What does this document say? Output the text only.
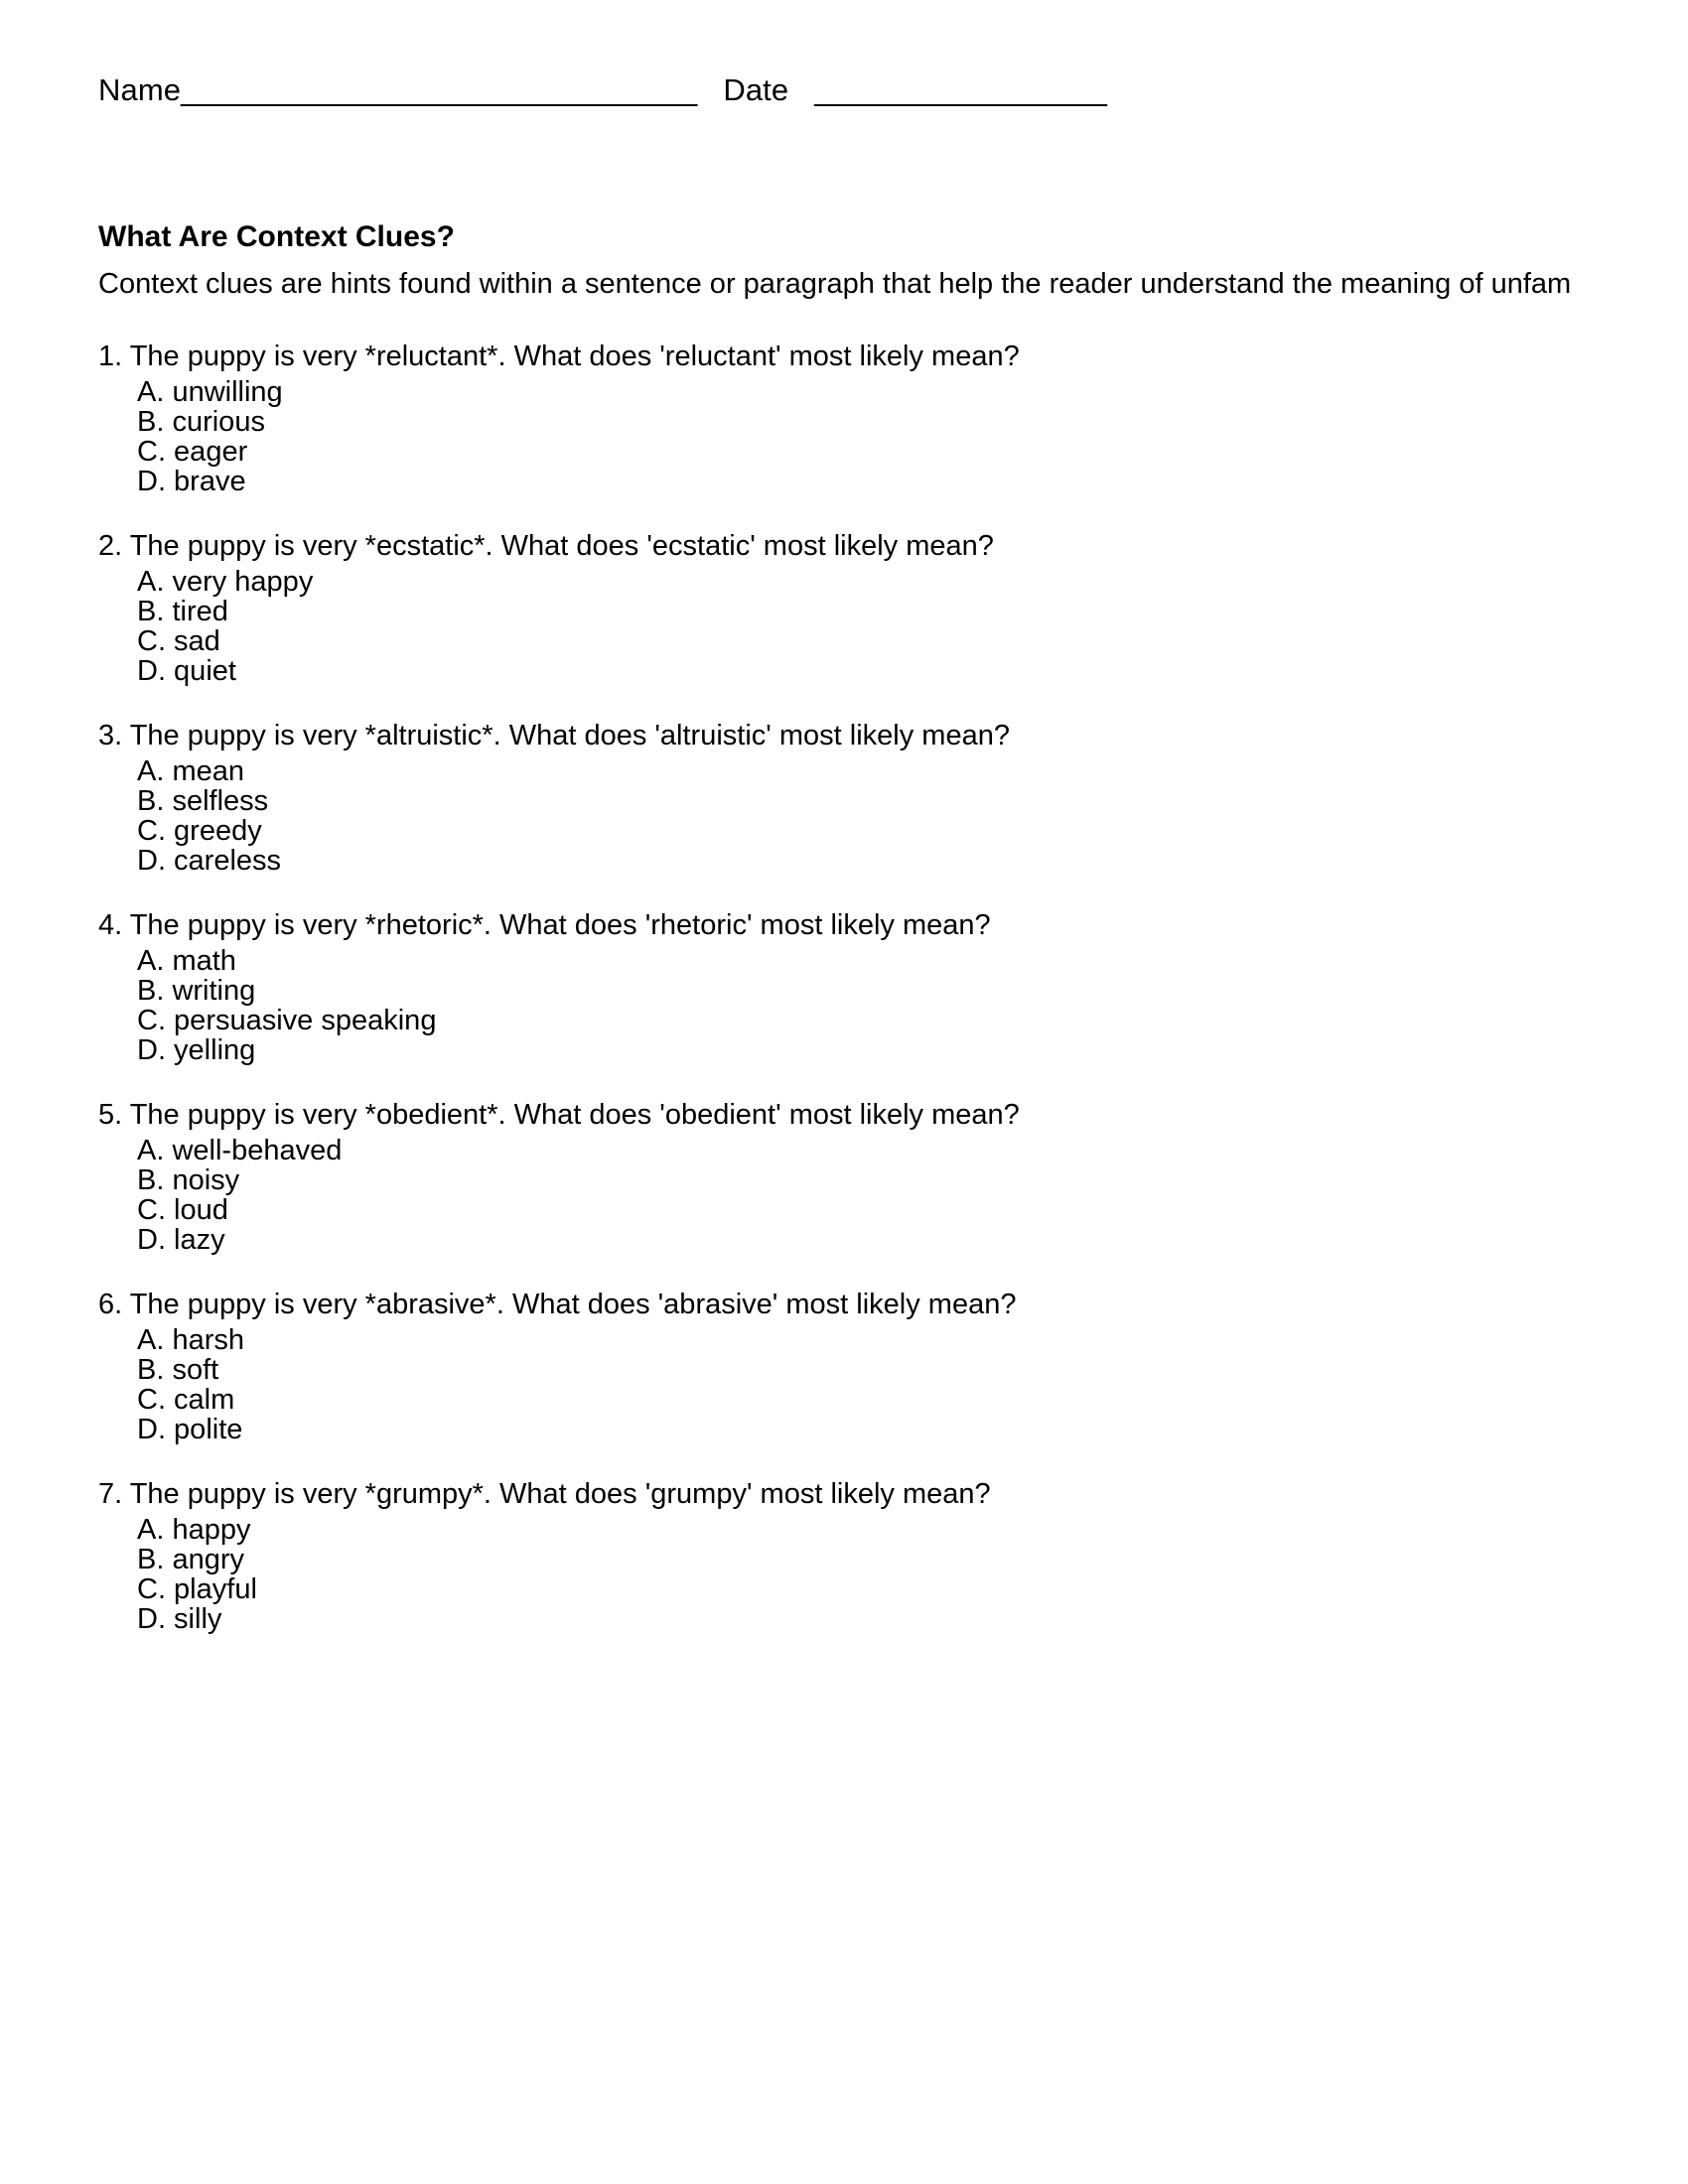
Name______________________________ Date _________________
What Are Context Clues?
Context clues are hints found within a sentence or paragraph that help the reader understand the meaning of unfam
1. The puppy is very *reluctant*. What does 'reluctant' most likely mean?
A. unwilling
B. curious
C. eager
D. brave
2. The puppy is very *ecstatic*. What does 'ecstatic' most likely mean?
A. very happy
B. tired
C. sad
D. quiet
3. The puppy is very *altruistic*. What does 'altruistic' most likely mean?
A. mean
B. selfless
C. greedy
D. careless
4. The puppy is very *rhetoric*. What does 'rhetoric' most likely mean?
A. math
B. writing
C. persuasive speaking
D. yelling
5. The puppy is very *obedient*. What does 'obedient' most likely mean?
A. well-behaved
B. noisy
C. loud
D. lazy
6. The puppy is very *abrasive*. What does 'abrasive' most likely mean?
A. harsh
B. soft
C. calm
D. polite
7. The puppy is very *grumpy*. What does 'grumpy' most likely mean?
A. happy
B. angry
C. playful
D. silly
